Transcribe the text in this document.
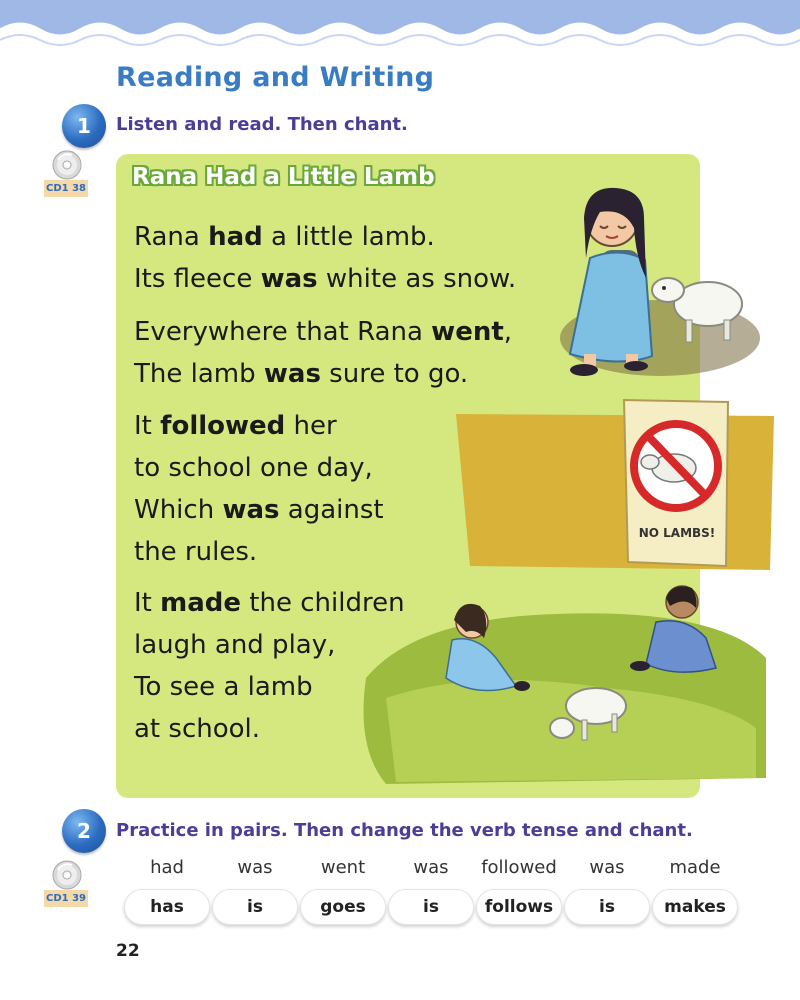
Reading and Writing
1	Listen and read. Then chant.
CD1 38 Rana Had a Little Lamb
Rana had a little lamb.
Its fleece was white as snow.
Everywhere that Rana went,
The lamb was sure to go.
It followed her
to school one day,
Which was against
the rules.
It made the children
laugh and play,
To see a lamb
at school.
NO LAMBS!
2	Practice in pairs. Then change the verb tense and chant.
CD1 39
had
has
was
is
went
goes
was
is
followed
follows
was
is
made
makes
22
